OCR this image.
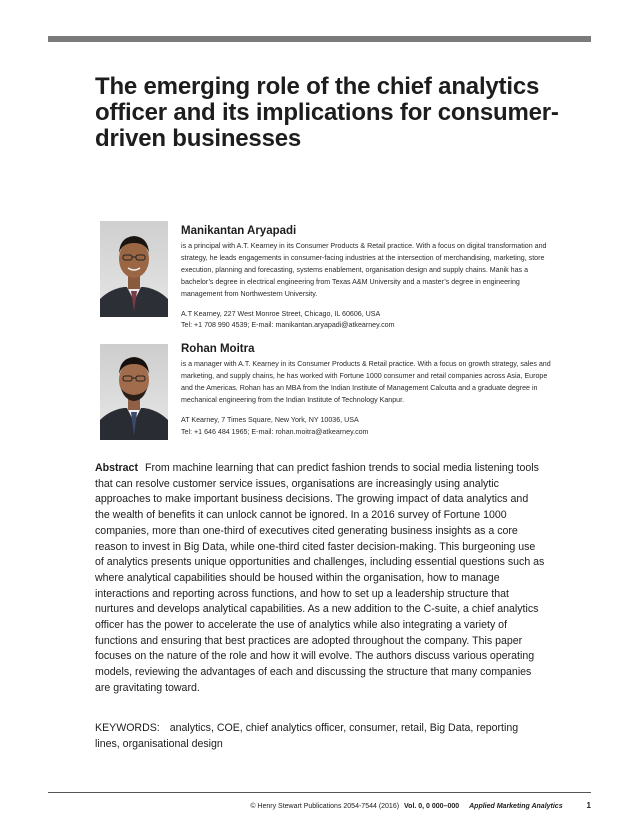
The emerging role of the chief analytics officer and its implications for consumer-driven businesses

Manikantan Aryapadi

is a principal with A.T. Kearney in its Consumer Products & Retail practice. With a focus on digital transformation and strategy, he leads engagements in consumer-facing industries at the intersection of merchandising, marketing, store execution, planning and forecasting, systems enablement, organisation design and supply chains. Manik has a bachelor’s degree in electrical engineering from Texas A&M University and a master’s degree in engineering management from Northwestern University.

A.T Kearney, 227 West Monroe Street, Chicago, IL 60606, USA
Tel: +1 708 990 4539; E-mail: manikantan.aryapadi@atkearney.com

Rohan Moitra

is a manager with A.T. Kearney in its Consumer Products & Retail practice. With a focus on growth strategy, sales and marketing, and supply chains, he has worked with Fortune 1000 consumer and retail companies across Asia, Europe and the Americas. Rohan has an MBA from the Indian Institute of Management Calcutta and a graduate degree in mechanical engineering from the Indian Institute of Technology Kanpur.

AT Kearney, 7 Times Square, New York, NY 10036, USA
Tel: +1 646 484 1965; E-mail: rohan.moitra@atkearney.com

Abstract From machine learning that can predict fashion trends to social media listening tools that can resolve customer service issues, organisations are increasingly using analytic approaches to make important business decisions. The growing impact of data analytics and the wealth of benefits it can unlock cannot be ignored. In a 2016 survey of Fortune 1000 companies, more than one-third of executives cited generating business insights as a core reason to invest in Big Data, while one-third cited faster decision-making. This burgeoning use of analytics presents unique opportunities and challenges, including essential questions such as where analytical capabilities should be housed within the organisation, how to manage interactions and reporting across functions, and how to set up a leadership structure that nurtures and develops analytical capabilities. As a new addition to the C-suite, a chief analytics officer has the power to accelerate the use of analytics while also integrating a variety of functions and ensuring that best practices are adopted throughout the company. This paper focuses on the nature of the role and how it will evolve. The authors discuss various operating models, reviewing the advantages of each and discussing the structure that many companies are gravitating toward.

KEYWORDS: analytics, COE, chief analytics officer, consumer, retail, Big Data, reporting lines, organisational design

© Henry Stewart Publications 2054-7544 (2016) Vol. 0, 0 000–000 Applied Marketing Analytics	1
